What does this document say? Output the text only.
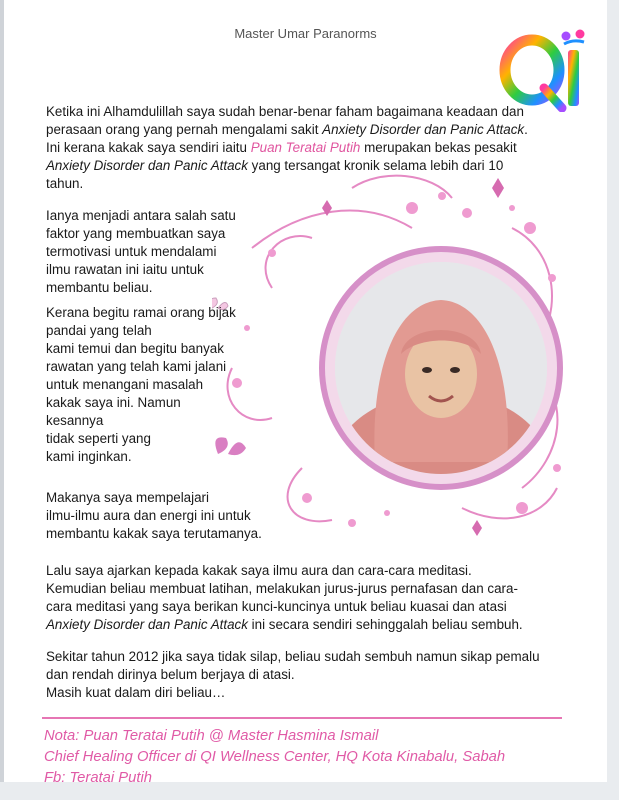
Master Umar Paranorms
Ketika ini Alhamdulillah saya sudah benar-benar faham bagaimana keadaan dan
perasaan orang yang pernah mengalami sakit Anxiety Disorder dan Panic Attack.
Ini kerana kakak saya sendiri iaitu Puan Teratai Putih merupakan bekas pesakit
Anxiety Disorder dan Panic Attack yang tersangat kronik selama lebih dari 10
tahun.
Ianya menjadi antara salah satu
faktor yang membuatkan saya
termotivasi untuk mendalami
ilmu rawatan ini iaitu untuk
membantu beliau.
Kerana begitu ramai orang bijak
pandai yang telah
kami temui dan begitu banyak
rawatan yang telah kami jalani
untuk menangani masalah
kakak saya ini. Namun
kesannya
tidak seperti yang
kami inginkan.
Makanya saya mempelajari
ilmu-ilmu aura dan energi ini untuk
membantu kakak saya terutamanya.
Lalu saya ajarkan kepada kakak saya ilmu aura dan cara-cara meditasi.
Kemudian beliau membuat latihan, melakukan jurus-jurus pernafasan dan cara-
cara meditasi yang saya berikan kunci-kuncinya untuk beliau kuasai dan atasi
Anxiety Disorder dan Panic Attack ini secara sendiri sehinggalah beliau sembuh.
Sekitar tahun 2012 jika saya tidak silap, beliau sudah sembuh namun sikap pemalu
dan rendah dirinya belum berjaya di atasi.
Masih kuat dalam diri beliau…
Nota: Puan Teratai Putih @ Master Hasmina Ismail
Chief Healing Officer di QI Wellness Center, HQ Kota Kinabalu, Sabah
Fb: Teratai Putih
